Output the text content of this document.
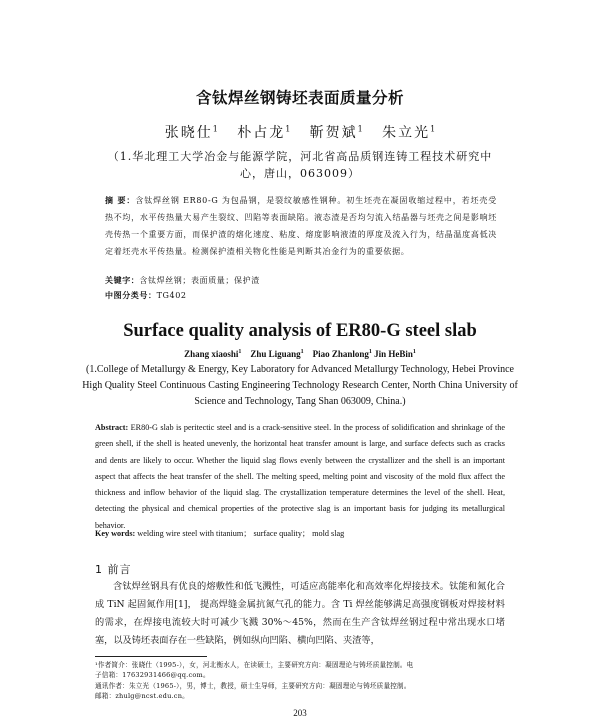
含钛焊丝钢铸坯表面质量分析
张晓仕$^1$ 朴占龙$^1$ 靳贺斌$^1$ 朱立光$^1$
（1.华北理工大学冶金与能源学院，河北省高品质钢连铸工程技术研究中心，唐山，063009）
摘 要：含钛焊丝钢 ER80-G 为包晶钢，是裂纹敏感性钢种。初生坯壳在凝固收缩过程中，若坯壳受热不均，水平传热量大易产生裂纹、凹陷等表面缺陷。液态渣是否均匀流入结晶器与坯壳之间是影响坯壳传热一个重要方面，而保护渣的熔化速度、粘度、熔度影响液渣的厚度及流入行为，结晶温度高低决定着坯壳水平传热量。检测保护渣相关物化性能是判断其冶金行为的重要依据。
关键字：含钛焊丝钢；表面质量；保护渣
中图分类号：TG402
Surface quality analysis of ER80-G steel slab
Zhang xiaoshi$^1$ Zhu Liguang$^1$ Piao Zhanlong$^1$ Jin HeBin$^1$
(1.College of Metallurgy & Energy, Key Laboratory for Advanced Metallurgy Technology, Hebei Province High Quality Steel Continuous Casting Engineering Technology Research Center, North China University of Science and Technology, Tang Shan 063009, China.)
Abstract: ER80-G slab is peritectic steel and is a crack-sensitive steel. In the process of solidification and shrinkage of the green shell, if the shell is heated unevenly, the horizontal heat transfer amount is large, and surface defects such as cracks and dents are likely to occur. Whether the liquid slag flows evenly between the crystallizer and the shell is an important aspect that affects the heat transfer of the shell. The melting speed, melting point and viscosity of the mold flux affect the thickness and inflow behavior of the liquid slag. The crystallization temperature determines the level of the shell. Heat, detecting the physical and chemical properties of the protective slag is an important basis for judging its metallurgical behavior.
Key words: welding wire steel with titanium； surface quality； mold slag
1 前言
含钛焊丝钢具有优良的熔敷性和低飞溅性，可适应高能率化和高效率化焊接技术。钛能和氮化合成 TiN 起固氮作用[1]， 提高焊缝金属抗氮气孔的能力。含 Ti 焊丝能够满足高强度钢板对焊接材料的需求，在焊接电流较大时可减少飞溅 30%～45%，然而在生产含钛焊丝钢过程中常出现水口堵塞，以及铸坯表面存在一些缺陷，例如纵向凹陷、横向凹陷、夹渣等，
¹作者简介：张晓仕（1995-），女，河北衡水人，在读硕士，主要研究方向：凝固理论与铸坯质量控制。电
子信箱：17632931466@qq.com。
通讯作者：朱立光（1965-），男，博士，教授，硕士生导师，主要研究方向：凝固理论与铸坯质量控制。
邮箱：zhulg@ncst.edu.cn。
203
